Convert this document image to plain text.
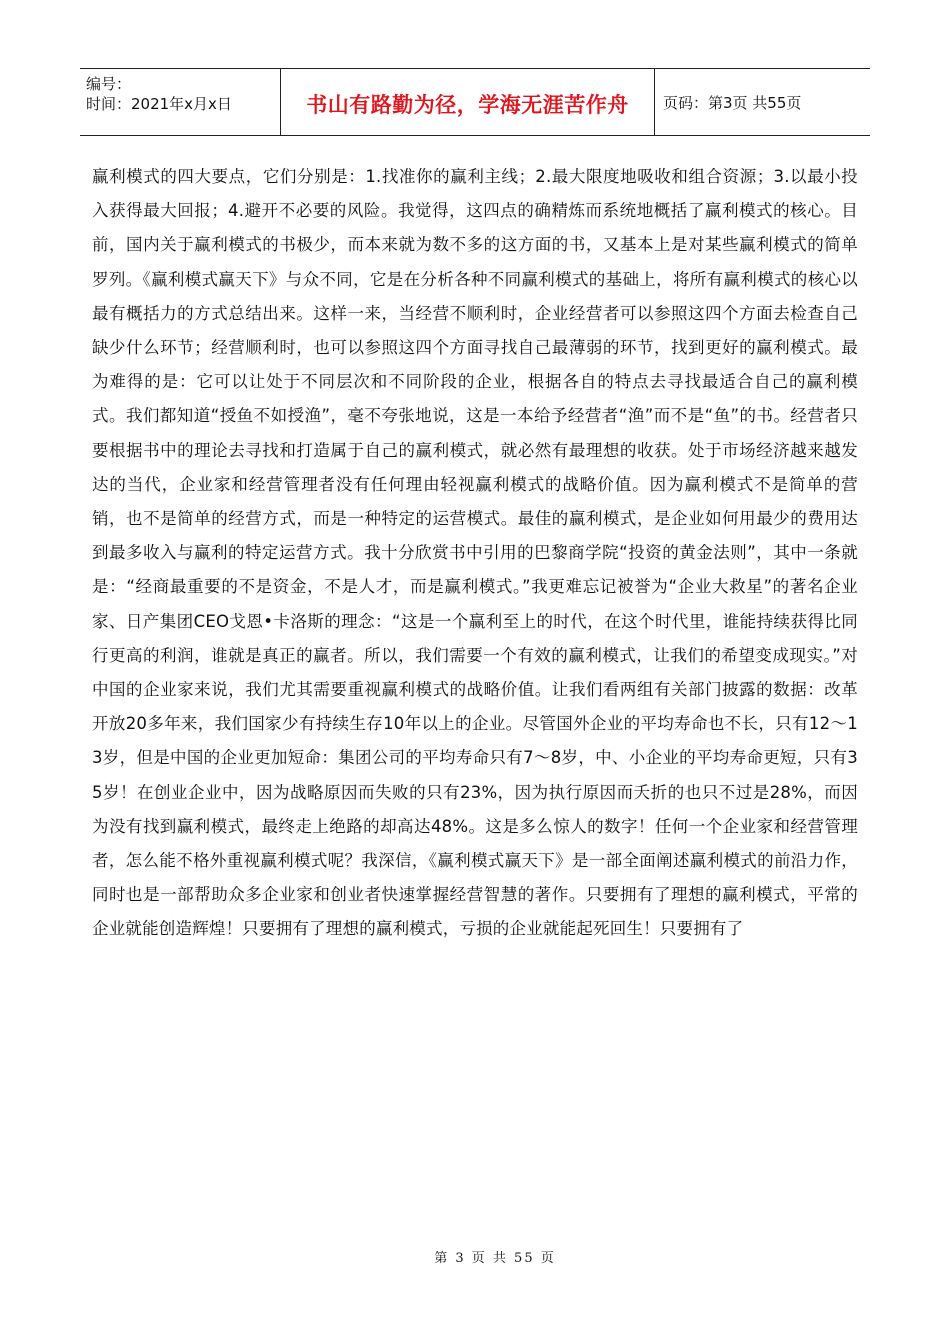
编号：
时间：2021年x月x日	书山有路勤为径，学海无涯苦作舟 页码：第3页 共55页

赢利模式的四大要点，它们分别是：1.找准你的赢利主线；2.最大限度地吸收和组合资源；3.以最小投入获得最大回报；4.避开不必要的风险。我觉得，这四点的确精炼而系统地概括了赢利模式的核心。目前，国内关于赢利模式的书极少，而本来就为数不多的这方面的书，又基本上是对某些赢利模式的简单罗列。《赢利模式赢天下》与众不同，它是在分析各种不同赢利模式的基础上，将所有赢利模式的核心以最有概括力的方式总结出来。这样一来，当经营不顺利时，企业经营者可以参照这四个方面去检查自己缺少什么环节；经营顺利时，也可以参照这四个方面寻找自己最薄弱的环节，找到更好的赢利模式。最为难得的是：它可以让处于不同层次和不同阶段的企业，根据各自的特点去寻找最适合自己的赢利模式。我们都知道“授鱼不如授渔”，毫不夸张地说，这是一本给予经营者“渔”而不是“鱼”的书。经营者只要根据书中的理论去寻找和打造属于自己的赢利模式，就必然有最理想的收获。处于市场经济越来越发达的当代，企业家和经营管理者没有任何理由轻视赢利模式的战略价值。因为赢利模式不是简单的营销，也不是简单的经营方式，而是一种特定的运营模式。最佳的赢利模式，是企业如何用最少的费用达到最多收入与赢利的特定运营方式。我十分欣赏书中引用的巴黎商学院“投资的黄金法则”，其中一条就是：“经商最重要的不是资金，不是人才，而是赢利模式。”我更难忘记被誉为“企业大救星”的著名企业家、日产集团CEO戈恩•卡洛斯的理念：“这是一个赢利至上的时代，在这个时代里，谁能持续获得比同行更高的利润，谁就是真正的赢者。所以，我们需要一个有效的赢利模式，让我们的希望变成现实。”对中国的企业家来说，我们尤其需要重视赢利模式的战略价值。让我们看两组有关部门披露的数据：改革开放20多年来，我们国家少有持续生存10年以上的企业。尽管国外企业的平均寿命也不长，只有12～13岁，但是中国的企业更加短命：集团公司的平均寿命只有7～8岁，中、小企业的平均寿命更短，只有35岁！在创业企业中，因为战略原因而失败的只有23%，因为执行原因而夭折的也只不过是28%，而因为没有找到赢利模式，最终走上绝路的却高达48%。这是多么惊人的数字！任何一个企业家和经营管理者，怎么能不格外重视赢利模式呢？我深信，《赢利模式赢天下》是一部全面阐述赢利模式的前沿力作，同时也是一部帮助众多企业家和创业者快速掌握经营智慧的著作。只要拥有了理想的赢利模式，平常的企业就能创造辉煌！只要拥有了理想的赢利模式，亏损的企业就能起死回生！只要拥有了

第 3 页 共 55 页
